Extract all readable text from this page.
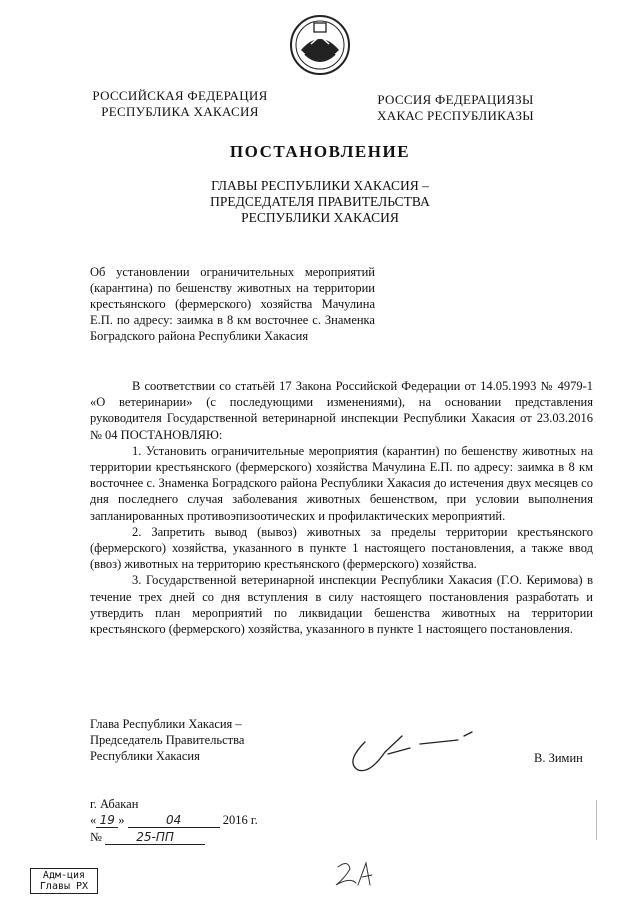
РОССИЙСКАЯ ФЕДЕРАЦИЯ
РЕСПУБЛИКА ХАКАСИЯ
РОССИЯ ФЕДЕРАЦИЯЗЫ
ХАКАС РЕСПУБЛИКАЗЫ
ПОСТАНОВЛЕНИЕ
ГЛАВЫ РЕСПУБЛИКИ ХАКАСИЯ –
ПРЕДСЕДАТЕЛЯ ПРАВИТЕЛЬСТВА
РЕСПУБЛИКИ ХАКАСИЯ
Об установлении ограничительных мероприятий (карантина) по бешенству животных на территории крестьянского (фермерского) хозяйства Мачулина Е.П. по адресу: заимка в 8 км восточнее с. Знаменка Боградского района Республики Хакасия

В соответствии со статьёй 17 Закона Российской Федерации от 14.05.1993 № 4979-1 «О ветеринарии» (с последующими изменениями), на основании представления руководителя Государственной ветеринарной инспекции Республики Хакасия от 23.03.2016 № 04 ПОСТАНОВЛЯЮ:

1. Установить ограничительные мероприятия (карантин) по бешенству животных на территории крестьянского (фермерского) хозяйства Мачулина Е.П. по адресу: заимка в 8 км восточнее с. Знаменка Боградского района Республики Хакасия до истечения двух месяцев со дня последнего случая заболевания животных бешенством, при условии выполнения запланированных противоэпизоотических и профилактических мероприятий.

2. Запретить вывод (вывоз) животных за пределы территории крестьянского (фермерского) хозяйства, указанного в пункте 1 настоящего постановления, а также ввод (ввоз) животных на территорию крестьянского (фермерского) хозяйства.

3. Государственной ветеринарной инспекции Республики Хакасия (Г.О. Керимова) в течение трех дней со дня вступления в силу настоящего постановления разработать и утвердить план мероприятий по ликвидации бешенства животных на территории крестьянского (фермерского) хозяйства, указанного в пункте 1 настоящего постановления.

Глава Республики Хакасия –
Председатель Правительства
Республики Хакасия	В. Зимин
г. Абакан
« 19 »	04	2016 г.
№	25-ПП
Адм-ция
Главы РХ
